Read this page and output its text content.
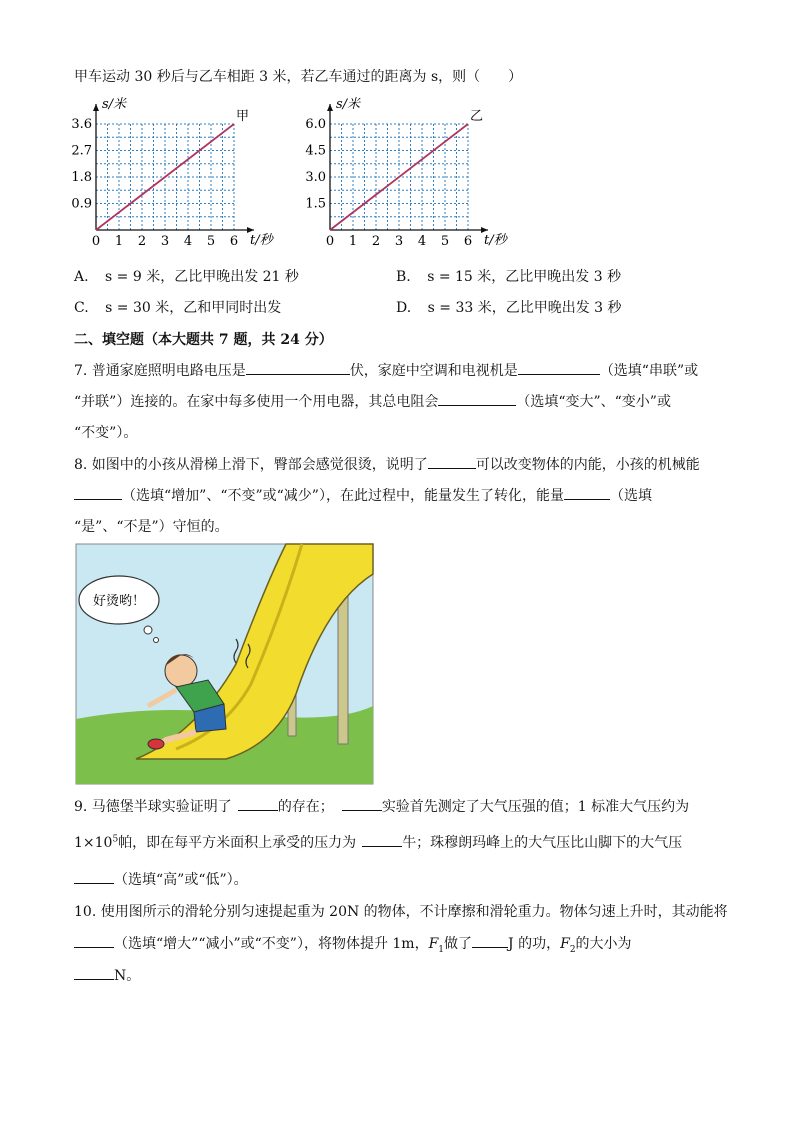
甲车运动 30 秒后与乙车相距 3 米，若乙车通过的距离为 s，则（　　）
0 1 2 3 4 5 6
0.9
1.8
2.7
3.6
s/米
t/秒
甲
0 1 2 3 4 5 6
1.5
3.0
4.5
6.0
s/米
t/秒
乙
A. s = 9 米，乙比甲晚出发 21 秒	B. s = 15 米，乙比甲晚出发 3 秒
C. s = 30 米，乙和甲同时出发	D. s = 33 米，乙比甲晚出发 3 秒
二、填空题（本大题共 7 题，共 24 分）
7. 普通家庭照明电路电压是	伏，家庭中空调和电视机是	（选填“串联”或
“并联”）连接的。在家中每多使用一个用电器，其总电阻会	（选填“变大”、“变小”或
“不变”）。
8. 如图中的小孩从滑梯上滑下，臀部会感觉很烫，说明了	可以改变物体的内能，小孩的机械能
（选填“增加”、“不变”或“减少”），在此过程中，能量发生了转化，能量	（选填
“是”、“不是”）守恒的。
好烫哟！
9. 马德堡半球实验证明了	的存在；	实验首先测定了大气压强的值；1 标准大气压约为
$1\times 10^5$帕，即在每平方米面积上承受的压力为	牛；珠穆朗玛峰上的大气压比山脚下的大气压
（选填“高”或“低”）。
10. 使用图所示的滑轮分别匀速提起重为 20N 的物体，不计摩擦和滑轮重力。物体匀速上升时，其动能将
（选填“增大”“减小”或“不变”），将物体提升 1m，$F_1$做了	J 的功，$F_2$的大小为
N。
